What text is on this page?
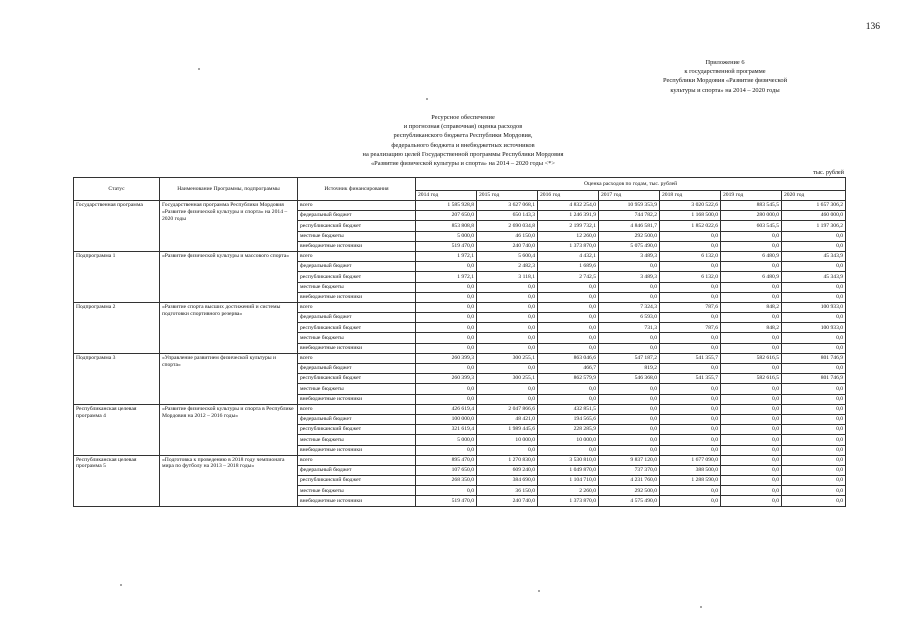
136
Приложение 6
к государственной программе
Республики Мордовия «Развитие физической
культуры и спорта» на 2014 – 2020 годы
Ресурсное обеспечение
и прогнозная (справочная) оценка расходов
республиканского бюджета Республики Мордовия,
федерального бюджета и внебюджетных источников
на реализацию целей Государственной программы Республики Мордовия
«Развитие физической культуры и спорта» на 2014 – 2020 годы <*>
тыс. рублей
Статус	Наименование Программы, подпрограммы	Источник финансирования	Оценка расходов по годам, тыс. рублей						
			2014 год	2015 год	2016 год	2017 год	2018 год	2019 год	2020 год
Государственная программа	Государственная программа Республики Мордовия «Развитие физической культуры и спорта» на 2014 – 2020 годы	всего	1 585 928,8	3 627 068,1	4 832 254,0	10 959 353,9	3 020 522,6	883 545,5	1 657 306,2
		федеральный бюджет	207 650,0	650 143,3	1 246 391,9	744 782,2	1 168 500,0	280 000,0	460 000,0
		республиканский бюджет	853 808,8	2 690 034,8	2 199 732,1	4 846 581,7	1 852 022,6	603 545,5	1 197 306,2
		местные бюджеты	5 000,0	46 150,0	12 260,0	292 500,0	0,0	0,0	0,0
		внебюджетные источники	519 470,0	240 740,0	1 373 870,0	5 075 490,0	0,0	0,0	0,0
Подпрограмма 1	«Развитие физической культуры и массового спорта»	всего	1 972,1	5 600,4	4 432,1	3 489,3	6 132,0	6 480,9	45 343,9
		федеральный бюджет	0,0	2 482,3	1 689,6	0,0	0,0	0,0	0,0
		республиканский бюджет	1 972,1	3 118,1	2 742,5	3 489,3	6 132,0	6 480,9	45 343,9
		местные бюджеты	0,0	0,0	0,0	0,0	0,0	0,0	0,0
		внебюджетные источники	0,0	0,0	0,0	0,0	0,0	0,0	0,0
Подпрограмма 2	«Развитие спорта высших достижений и системы подготовки спортивного резерва»	всего	0,0	0,0	0,0	7 324,3	787,6	848,2	100 933,0
		федеральный бюджет	0,0	0,0	0,0	6 593,0	0,0	0,0	0,0
		республиканский бюджет	0,0	0,0	0,0	731,3	787,6	848,2	100 933,0
		местные бюджеты	0,0	0,0	0,0	0,0	0,0	0,0	0,0
		внебюджетные источники	0,0	0,0	0,0	0,0	0,0	0,0	0,0
Подпрограмма 3	«Управление развитием физической культуры и спорта»	всего	260 399,3	300 255,1	863 046,6	547 187,2	541 355,7	582 616,5	801 746,9
		федеральный бюджет	0,0	0,0	466,7	819,2	0,0	0,0	0,0
		республиканский бюджет	260 399,3	300 255,1	862 579,9	546 368,0	541 355,7	582 616,5	801 746,9
		местные бюджеты	0,0	0,0	0,0	0,0	0,0	0,0	0,0
		внебюджетные источники	0,0	0,0	0,0	0,0	0,0	0,0	0,0
Республиканская целевая программа 4	«Развитие физической культуры и спорта в Республике Мордовия на 2012 – 2016 годы»	всего	426 619,4	2 047 866,6	432 851,5	0,0	0,0	0,0	0,0
		федеральный бюджет	100 000,0	48 421,0	194 565,6	0,0	0,0	0,0	0,0
		республиканский бюджет	321 619,4	1 989 445,6	228 285,9	0,0	0,0	0,0	0,0
		местные бюджеты	5 000,0	10 000,0	10 000,0	0,0	0,0	0,0	0,0
		внебюджетные источники	0,0	0,0	0,0	0,0	0,0	0,0	0,0
Республиканская целевая программа 5	«Подготовка к проведению в 2018 году чемпионата мира по футболу на 2013 – 2018 годы»	всего	895 470,0	1 270 830,0	3 530 810,0	9 837 120,0	1 677 090,0	0,0	0,0
		федеральный бюджет	107 650,0	609 240,0	1 049 870,0	737 370,0	388 500,0	0,0	0,0
		республиканский бюджет	268 350,0	384 690,0	1 104 710,0	4 231 760,0	1 288 590,0	0,0	0,0
		местные бюджеты	0,0	36 150,0	2 260,0	292 500,0	0,0	0,0	0,0
		внебюджетные источники	519 470,0	240 740,0	1 373 870,0	4 575 490,0	0,0	0,0	0,0
